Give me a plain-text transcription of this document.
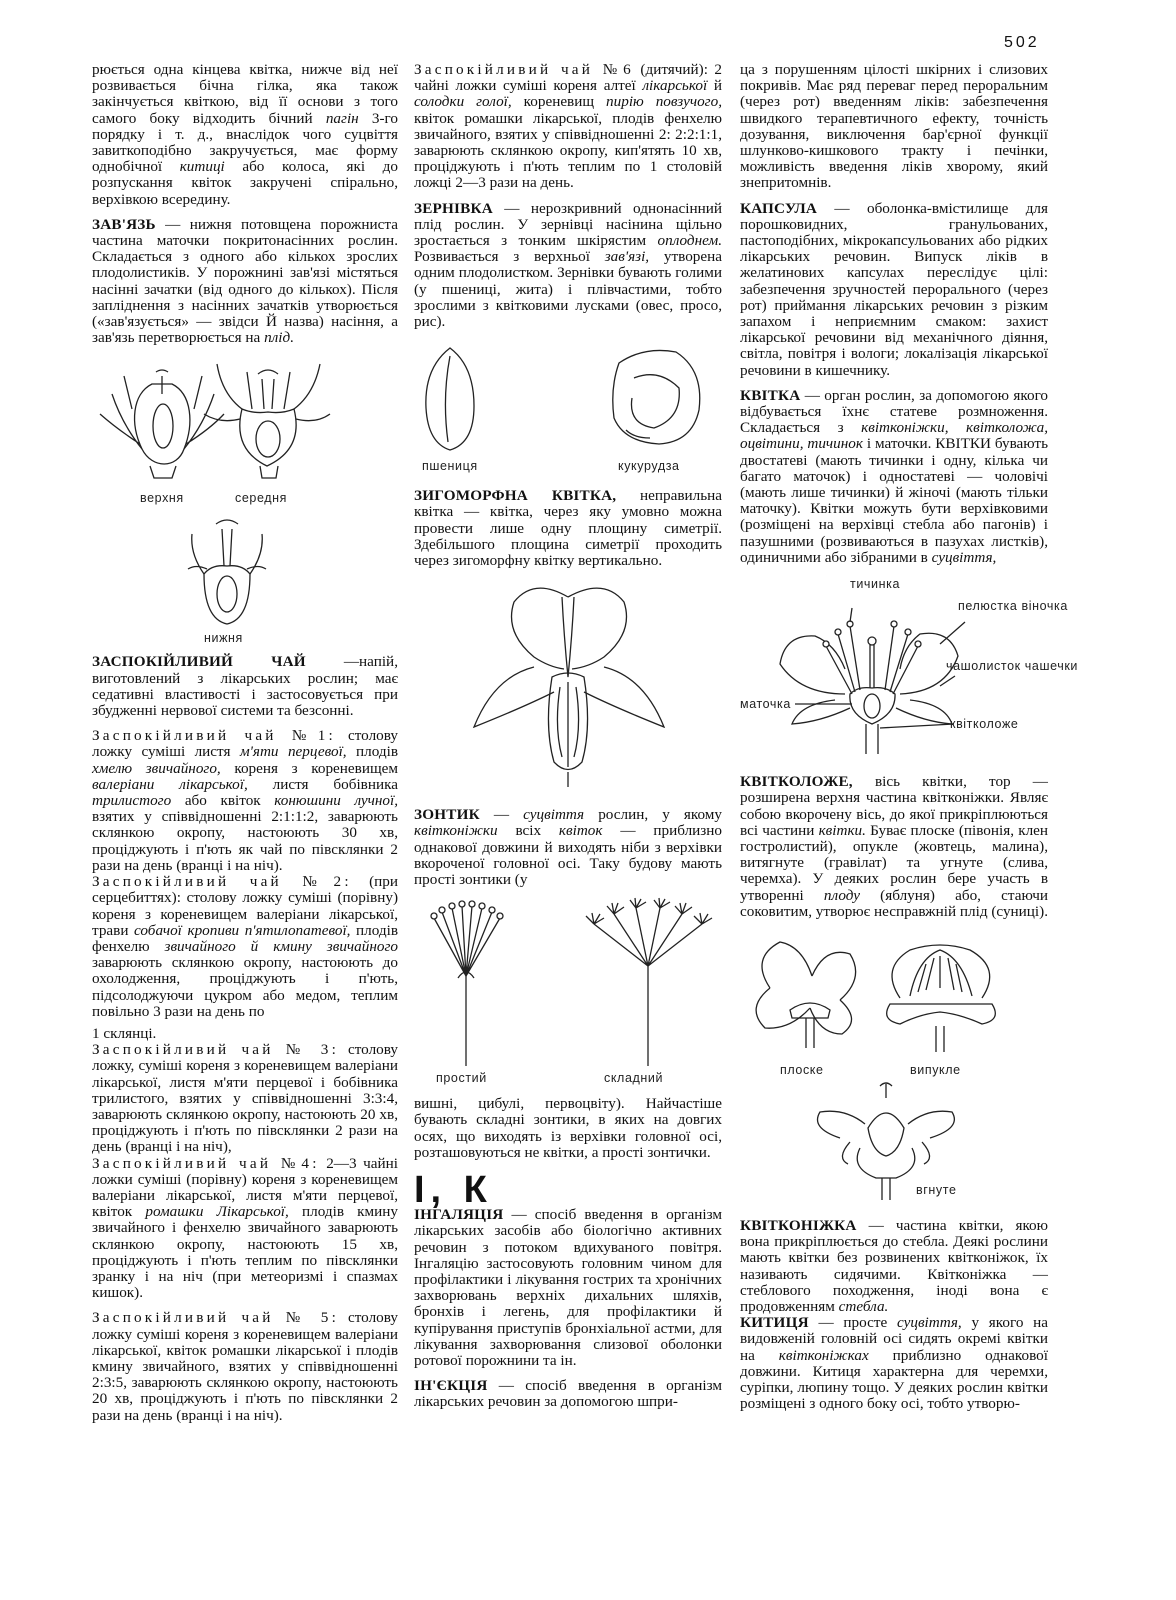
502

рюється одна кінцева квітка, нижче від неї розвивається бічна гілка, яка також закінчується квіткою, від її основи з того самого боку відходить бічний пагін 3-го порядку і т. д., внаслідок чого суцвіття завиткоподібно закручується, має форму однобічної китиці або колоса, які до розпускання квіток закручені спірально, верхівкою всередину.

ЗАВ'ЯЗЬ — нижня потовщена порожниста частина маточки покритонасінних рослин. Складається з одного або кількох зрослих плодолистиків. У порожнині зав'язі містяться насінні зачатки (від одного до кількох). Після запліднення з насінних зачатків утворюється («зав'язується» — звідси Й назва) насіння, а зав'язь перетворюється на плід.

верхня	середня
нижня

ЗАСПОКІЙЛИВИЙ ЧАЙ	—напій, виготовлений з лікарських рослин; має седативні властивості і застосовується при збудженні нервової системи та безсонні.

Заспокійливий чай №1: столову ложку суміші листя м'яти перцевої, плодів хмелю звичайного, кореня з кореневищем валеріани лікарської, листя бобівника трилистого або квіток конюшини лучної, взятих у співвідношенні 2:1:1:2, заварюють склянкою окропу, настоюють 30 хв, проціджують і п'ють як чай по півсклянки 2 рази на день (вранці і на ніч).

Заспокійливий чай №2: (при серцебиттях): столову ложку суміші (порівну) кореня з кореневищем валеріани лікарської, трави собачої кропиви п'ятилопатевої, плодів фенхелю звичайного й кмину звичайного заварюють склянкою окропу, настоюють до охолодження, проціджують і п'ють, підсолоджуючи цукром або медом, теплим повільно 3 рази на день по

1 склянці.

Заспокійливий чай № 3: столову ложку, суміші кореня з кореневищем валеріани лікарської, листя м'яти перцевої і бобівника трилистого, взятих у співвідношенні 3:3:4, заварюють склянкою окропу, настоюють 20 хв, проціджують і п'ють по півсклянки 2 рази на день (вранці і на ніч),

Заспокійливий чай №4: 2—3 чайні ложки суміші (порівну) кореня з кореневищем валеріани лікарської, листя м'яти перцевої, квіток ромашки Лікарської, плодів кмину звичайного і фенхелю звичайного заварюють склянкою окропу, настоюють 15 хв, проціджують і п'ють теплим по півсклянки зранку і на ніч (при метеоризмі і спазмах кишок).

Заспокійливий чай № 5: столову ложку суміші кореня з кореневищем валеріани лікарської, квіток ромашки лікарської і плодів кмину звичайного, взятих у співвідношенні 2:3:5, заварюють склянкою окропу, настоюють 20 хв, проціджують і п'ють по півсклянки 2 рази на день (вранці і на ніч).

Заспокійливий чай №6 (дитячий): 2 чайні ложки суміші кореня алтеї лікарської й солодки голої, кореневищ пирію повзучого, квіток ромашки лікарської, плодів фенхелю звичайного, взятих у співвідношенні 2: 2:2:1:1, заварюють склянкою окропу, кип'ятять 10 хв, проціджують і п'ють теплим по 1 столовій ложці 2—3 рази на день.

ЗЕРНІВКА — нерозкривний однонасінний плід рослин. У зернівці насінина щільно зростається з тонким шкірястим оплоднем. Розвивається з верхньої зав'язі, утворена одним плодолистком. Зернівки бувають голими (у пшениці, жита) і плівчастими, тобто зрослими з квітковими лусками (овес, просо, рис).

пшениця	кукурудза

ЗИГОМОРФНА КВІТКА, неправильна квітка — квітка, через яку умовно можна провести лише одну площину симетрії. Здебільшого площина симетрії проходить через зигоморфну квітку вертикально.

ЗОНТИК — суцвіття рослин, у якому квітконіжки всіх квіток — приблизно однакової довжини й виходять ніби з верхівки вкороченої головної осі. Таку будову мають прості зонтики (у

простий	складний

вишні, цибулі, первоцвіту). Найчастіше бувають складні зонтики, в яких на довгих осях, що виходять із верхівки головної осі, розташовуються не квітки, а прості зонтички.

І, К

ІНГАЛЯЦІЯ — спосіб введення в організм лікарських засобів або біологічно активних речовин з потоком вдихуваного повітря. Інгаляцію застосовують головним чином для профілактики і лікування гострих та хронічних захворювань верхніх дихальних шляхів, бронхів і легень, для профілактики й купірування приступів бронхіальної астми, для лікування захворювання слизової оболонки ротової порожнини та ін.

ІН'ЄКЦІЯ — спосіб введення в організм лікарських речовин за допомогою шпри-

ца з порушенням цілості шкірних і слизових покривів. Має ряд переваг перед пероральним (через рот) введенням ліків: забезпечення швидкого терапевтичного ефекту, точність дозування, виключення бар'єрної функції шлунково-кишкового тракту і печінки, можливість введення ліків хворому, який знепритомнів.

КАПСУЛА — оболонка-вмістилище для порошковидних, гранульованих, пастоподібних, мікрокапсульованих або рідких лікарських речовин. Випуск ліків в желатинових капсулах переслідує цілі: забезпечення зручностей перорального (через рот) приймання лікарських речовин з різким запахом і неприємним смаком: захист лікарської речовини від механічного діяння, світла, повітря і вологи; локалізація лікарської речовини в кишечнику.

КВІТКА — орган рослин, за допомогою якого відбувається їхнє статеве розмноження. Складається з квітконіжки, квітколожа, оцвітини, тичинок і маточки. КВІТКИ бувають двостатеві (мають тичинки і одну, кілька чи багато маточок) і одностатеві — чоловічі (мають лише тичинки) й жіночі (мають тільки маточку). Квітки можуть бути верхівковими (розміщені на верхівці стебла або пагонів) і пазушними (розвиваються в пазухах листків), одиничними або зібраними в суцвіття,

тичинка
пелюстка віночка
чашолисток чашечки
маточка
квітколоже

КВІТКОЛОЖЕ, вісь квітки, тор — розширена верхня частина квітконіжки. Являє собою вкорочену вісь, до якої прикріплюються всі частини квітки. Буває плоске (півонія, клен гостролистий), опукле (жовтець, малина), витягнуте (гравілат) та угнуте (слива, черемха). У деяких рослин бере участь в утворенні плоду (яблуня) або, стаючи соковитим, утворює несправжній плід (суниці).

плоске	випукле
вгнуте

КВІТКОНІЖКА — частина квітки, якою вона прикріплюється до стебла. Деякі рослини мають квітки без розвинених квітконіжок, їх називають сидячими. Квітконіжка — стеблового походження, іноді вона є продовженням стебла.

КИТИЦЯ — просте суцвіття, у якого на видовженій головній осі сидять окремі квітки на квітконіжках приблизно однакової довжини. Китиця характерна для черемхи, суріпки, люпину тощо. У деяких рослин квітки розміщені з одного боку осі, тобто утворю-
